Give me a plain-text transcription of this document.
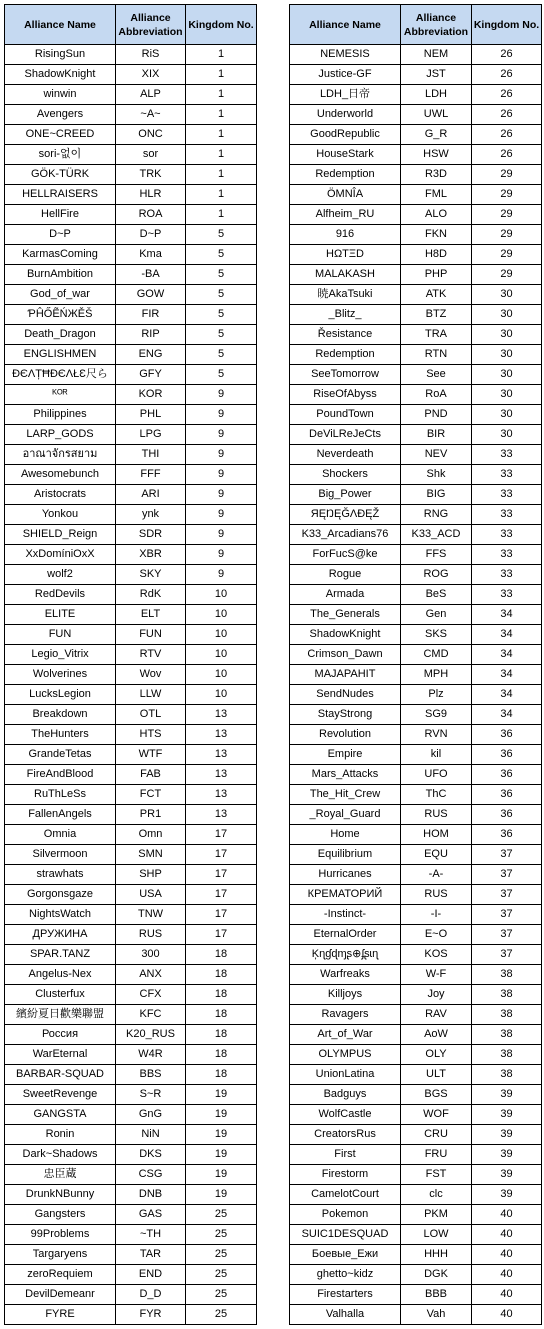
Alliance Name	Alliance Abbreviation	Kingdom No.
RisingSun	RiS	1
ShadowKnight	XIX	1
winwin	ALP	1
Avengers	~A~	1
ONE~CREED	ONC	1
sori-없이	sor	1
GÖK-TÜRK	TRK	1
HELLRAISERS	HLR	1
HellFire	ROA	1
D~P	D~P	5
KarmasComing	Kma	5
BurnAmbition	-BA	5
God_of_war	GOW	5
ƤĤŐẼŃЖĚŠ	FIR	5
Death_Dragon	RIP	5
ENGLISHMEN	ENG	5
ĐЄΛȚĦĐЄΛŁƐ尺ら	GFY	5
ᴷᴼᴿ	KOR	9
Philippines	PHL	9
LARP_GODS	LPG	9
อาณาจักรสยาม	THI	9
Awesomebunch	FFF	9
Aristocrats	ARI	9
Yonkou	ynk	9
SHIELD_Reign	SDR	9
XxDomíniOxX	XBR	9
wolf2	SKY	9
RedDevils	RdK	10
ELITE	ELT	10
FUN	FUN	10
Legio_Vitrix	RTV	10
Wolverines	Wov	10
LucksLegion	LLW	10
Breakdown	OTL	13
TheHunters	HTS	13
GrandeTetas	WTF	13
FireAndBlood	FAB	13
RuThLeSs	FCT	13
FallenAngels	PR1	13
Omnia	Omn	17
Silvermoon	SMN	17
strawhats	SHP	17
Gorgonsgaze	USA	17
NightsWatch	TNW	17
ДРУЖИНА	RUS	17
SPAR.TANZ	300	18
Angelus-Nex	ANX	18
Clusterfux	CFX	18
繽紛夏日歡樂聯盟	KFC	18
Россия	K20_RUS	18
WarEternal	W4R	18
BARBAR-SQUAD	BBS	18
SweetRevenge	S~R	19
GANGSTA	GnG	19
Ronin	NiN	19
Dark~Shadows	DKS	19
忠臣蔵	CSG	19
DrunkNBunny	DNB	19
Gangsters	GAS	25
99Problems	~TH	25
Targaryens	TAR	25
zeroRequiem	END	25
DevilDemeanr	D_D	25
FYRE	FYR	25
Alliance Name	Alliance Abbreviation	Kingdom No.
NEMESIS	NEM	26
Justice-GF	JST	26
LDH_日帝	LDH	26
Underworld	UWL	26
GoodRepublic	G_R	26
HouseStark	HSW	26
Redemption	R3D	29
ÖMNÎA	FML	29
Alfheim_RU	ALO	29
916	FKN	29
HΩTΞD	H8D	29
MALAKASH	PHP	29
暁AkaTsuki	ATK	30
_Blitz_	BTZ	30
Řesistance	TRA	30
Redemption	RTN	30
SeeTomorrow	See	30
RiseOfAbyss	RoA	30
PoundTown	PND	30
DeViLReJeCts	BIR	30
Neverdeath	NEV	33
Shockers	Shk	33
Big_Power	BIG	33
ЯĘŊĘĞΛĐĘŽ	RNG	33
K33_Arcadians76	K33_ACD	33
ForFucS@ke	FFS	33
Rogue	ROG	33
Armada	BeS	33
The_Generals	Gen	34
ShadowKnight	SKS	34
Crimson_Dawn	CMD	34
MAJAPAHIT	MPH	34
SendNudes	Plz	34
StayStrong	SG9	34
Revolution	RVN	36
Empire	kil	36
Mars_Attacks	UFO	36
The_Hit_Crew	ThC	36
_Royal_Guard	RUS	36
Home	HOM	36
Equilibrium	EQU	37
Hurricanes	-A-	37
КРЕМАТОРИЙ	RUS	37
-Instinct-	-I-	37
EternalOrder	E~O	37
Ķɳɠɖɱʂ⊕ʄʂɩɳ	KOS	37
Warfreaks	W-F	38
Killjoys	Joy	38
Ravagers	RAV	38
Art_of_War	AoW	38
OLYMPUS	OLY	38
UnionLatina	ULT	38
Badguys	BGS	39
WolfCastle	WOF	39
CreatorsRus	CRU	39
First	FRU	39
Firestorm	FST	39
CamelotCourt	clc	39
Pokemon	PKM	40
SUIC1DESQUAD	LOW	40
Боевые_Ежи	HHH	40
ghetto~kidz	DGK	40
Firestarters	BBB	40
Valhalla	Vah	40
